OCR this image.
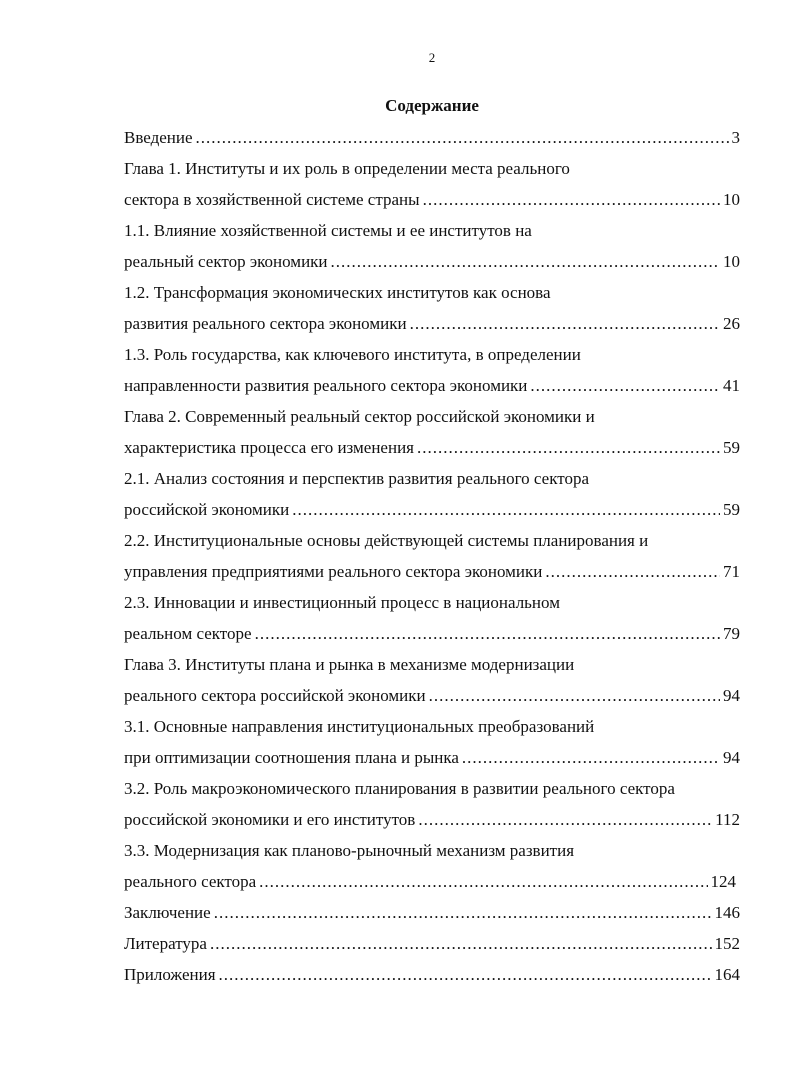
2
Содержание
Введение .....	3
Глава 1. Институты и их роль в определении места реального
сектора в хозяйственной системе страны .....	10
1.1. Влияние хозяйственной системы и ее институтов на
реальный сектор экономики .....	10
1.2. Трансформация экономических институтов как основа
развития реального сектора экономики .....	26
1.3. Роль государства, как ключевого института, в определении
направленности развития реального сектора экономики .....	41
Глава 2. Современный реальный сектор российской экономики и
характеристика процесса его изменения .....	59
2.1. Анализ состояния и перспектив развития реального сектора
российской экономики .....	59
2.2. Институциональные основы действующей системы планирования и
управления предприятиями реального сектора экономики .....	71
2.3. Инновации и инвестиционный процесс в национальном
реальном секторе .....	79
Глава 3. Институты плана и рынка в механизме модернизации
реального сектора российской экономики .....	94
3.1. Основные направления институциональных преобразований
при оптимизации соотношения плана и рынка .....	94
3.2. Роль макроэкономического планирования в развитии реального сектора
российской экономики и его институтов .....	112
3.3. Модернизация как планово-рыночный механизм развития
реального сектора .....	124
Заключение .....	146
Литература .....	152
Приложения .....	164
